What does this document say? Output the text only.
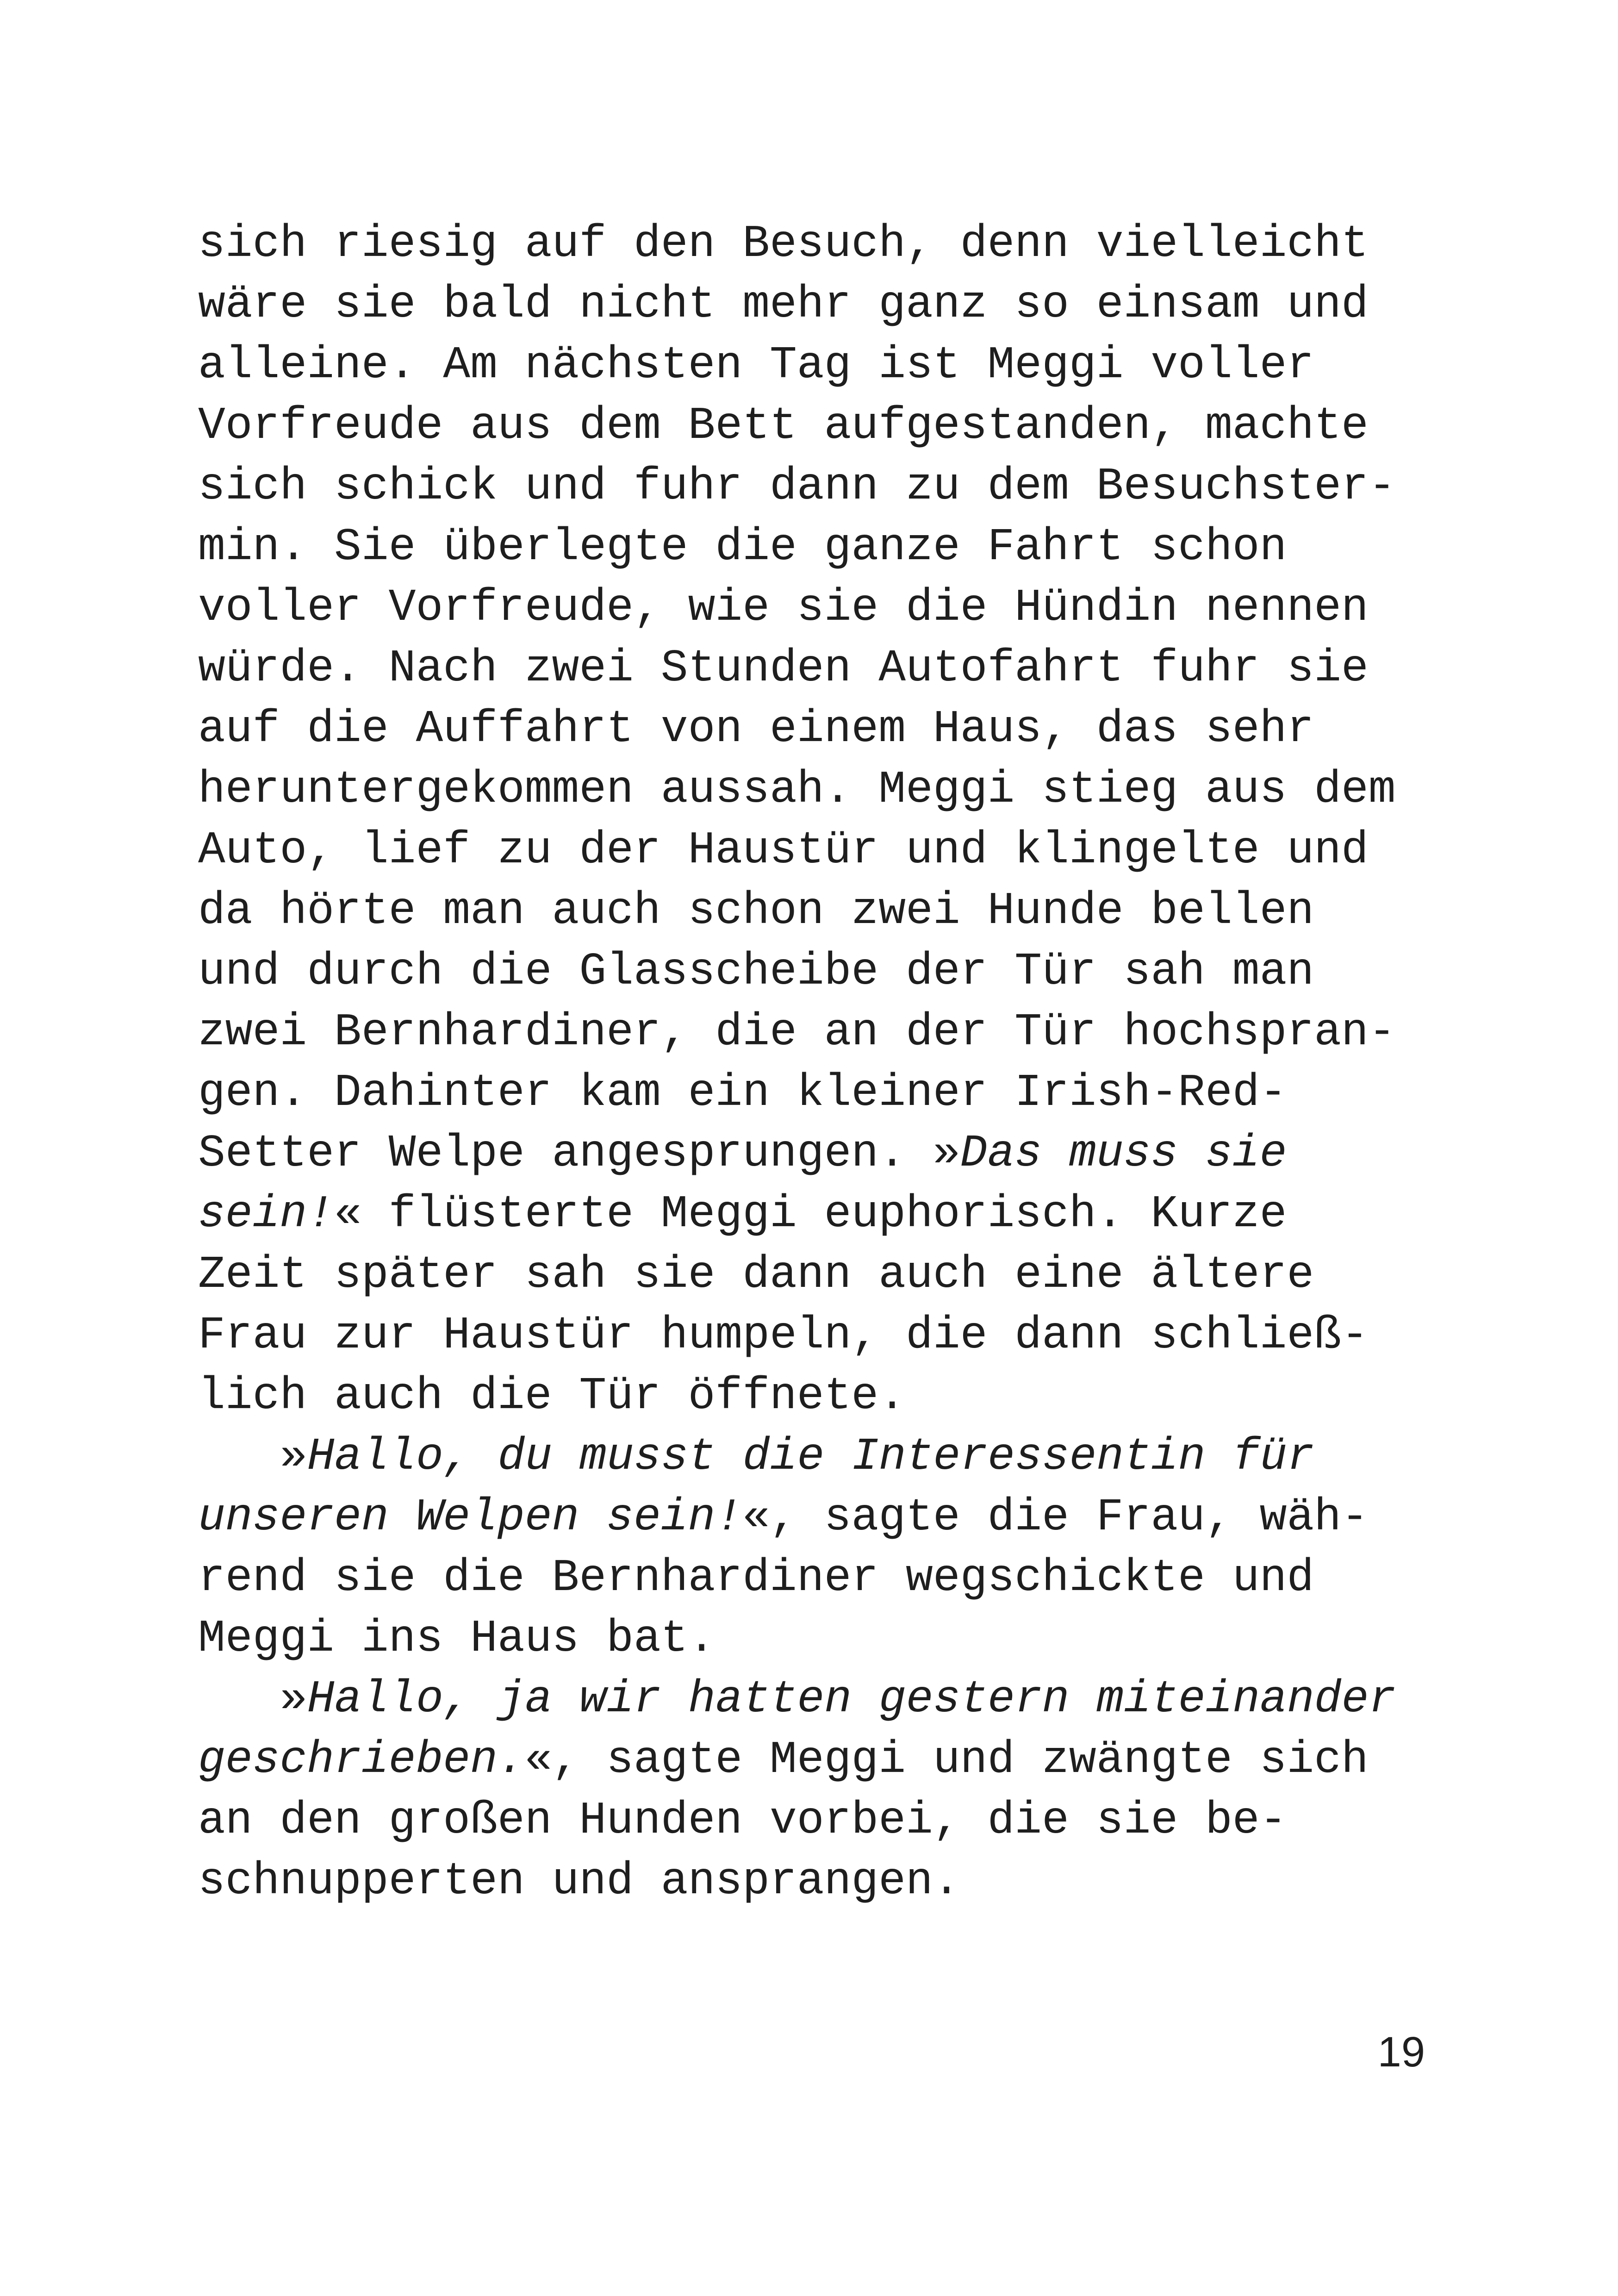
sich riesig auf den Besuch, denn vielleicht
wäre sie bald nicht mehr ganz so einsam und
alleine. Am nächsten Tag ist Meggi voller
Vorfreude aus dem Bett aufgestanden, machte
sich schick und fuhr dann zu dem Besuchster-
min. Sie überlegte die ganze Fahrt schon
voller Vorfreude, wie sie die Hündin nennen
würde. Nach zwei Stunden Autofahrt fuhr sie
auf die Auffahrt von einem Haus, das sehr
heruntergekommen aussah. Meggi stieg aus dem
Auto, lief zu der Haustür und klingelte und
da hörte man auch schon zwei Hunde bellen
und durch die Glasscheibe der Tür sah man
zwei Bernhardiner, die an der Tür hochspran-
gen. Dahinter kam ein kleiner Irish-Red-
Setter Welpe angesprungen. »Das muss sie
sein!« flüsterte Meggi euphorisch. Kurze
Zeit später sah sie dann auch eine ältere
Frau zur Haustür humpeln, die dann schließ-
lich auch die Tür öffnete.
»Hallo, du musst die Interessentin für
unseren Welpen sein!«, sagte die Frau, wäh-
rend sie die Bernhardiner wegschickte und
Meggi ins Haus bat.
»Hallo, ja wir hatten gestern miteinander
geschrieben.«, sagte Meggi und zwängte sich
an den großen Hunden vorbei, die sie be-
schnupperten und ansprangen.
19
